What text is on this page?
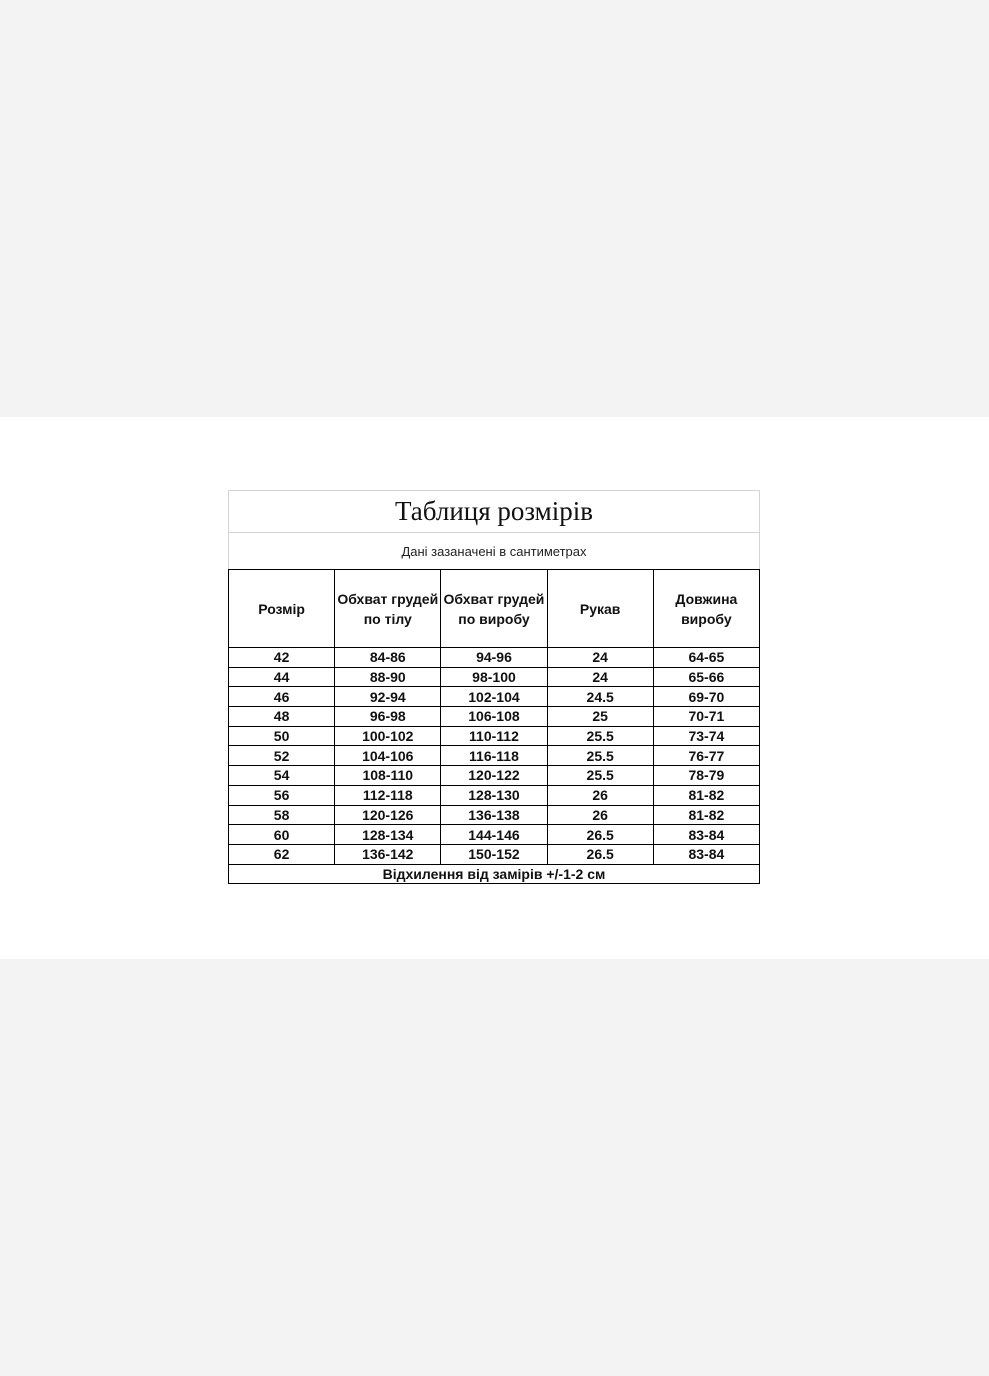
Таблиця розмірів
Дані зазаначені в сантиметрах
Розмір	Обхват грудей по тілу	Обхват грудей по виробу	Рукав	Довжина виробу
42	84-86	94-96	24	64-65
44	88-90	98-100	24	65-66
46	92-94	102-104	24.5	69-70
48	96-98	106-108	25	70-71
50	100-102	110-112	25.5	73-74
52	104-106	116-118	25.5	76-77
54	108-110	120-122	25.5	78-79
56	112-118	128-130	26	81-82
58	120-126	136-138	26	81-82
60	128-134	144-146	26.5	83-84
62	136-142	150-152	26.5	83-84
Відхилення від замірів +/-1-2 см				
